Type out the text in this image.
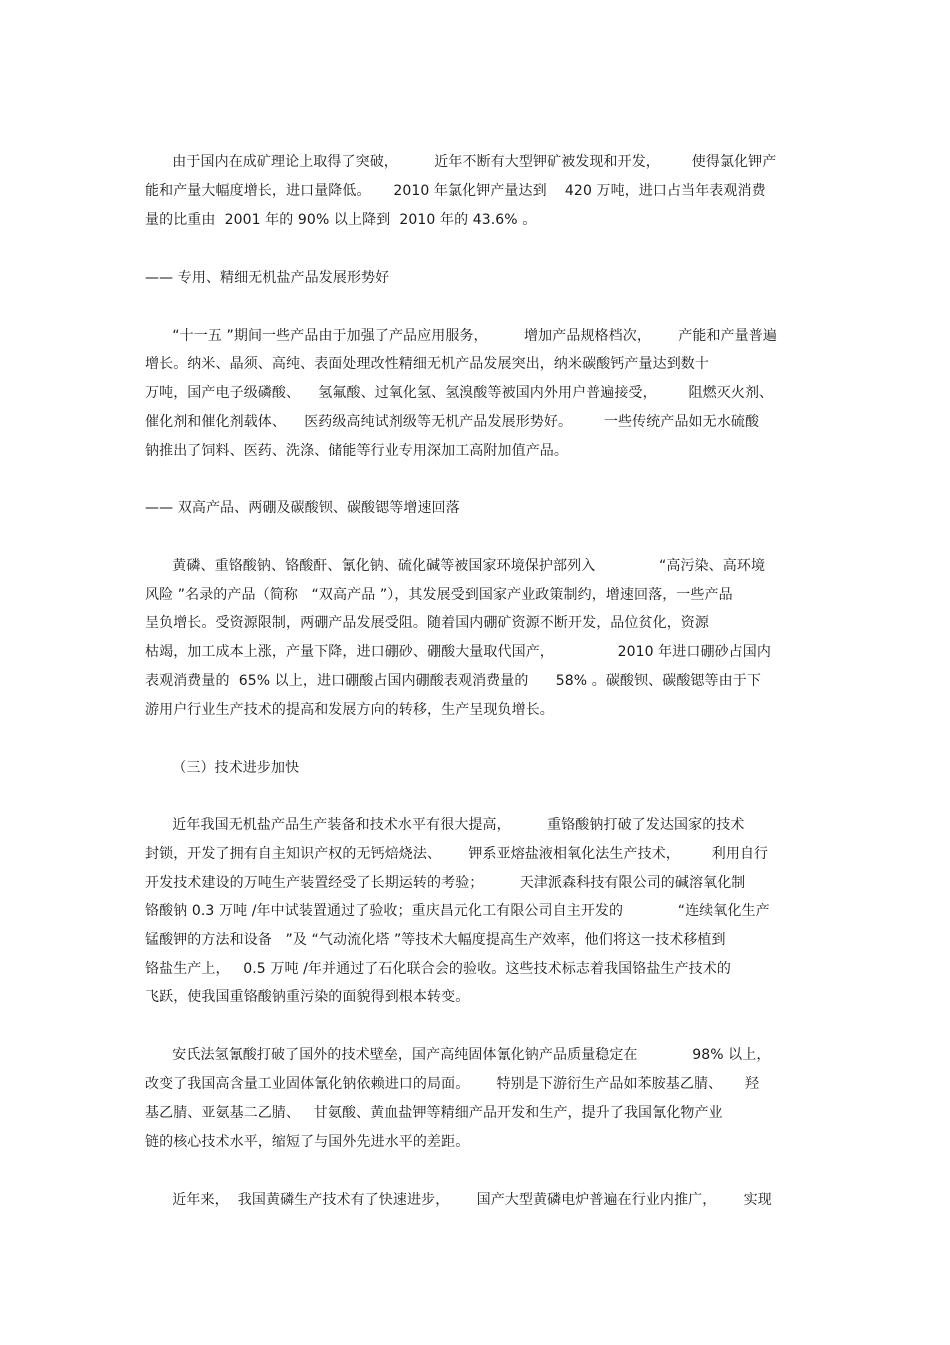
由于国内在成矿理论上取得了突破，        近年不断有大型钾矿被发现和开发，       使得氯化钾产
能和产量大幅度增长，进口量降低。     2010 年氯化钾产量达到    420 万吨，进口占当年表观消费
量的比重由  2001 年的 90% 以上降到  2010 年的 43.6% 。
—— 专用、精细无机盐产品发展形势好
“十一五 ”期间一些产品由于加强了产品应用服务，        增加产品规格档次，      产能和产量普遍
增长。纳米、晶须、高纯、表面处理改性精细无机产品发展突出，纳米碳酸钙产量达到数十
万吨，国产电子级磷酸、    氢氟酸、过氧化氢、氢溴酸等被国内外用户普遍接受，       阻燃灭火剂、
催化剂和催化剂载体、    医药级高纯试剂级等无机产品发展形势好。       一些传统产品如无水硫酸
钠推出了饲料、医药、洗涤、储能等行业专用深加工高附加值产品。
—— 双高产品、两硼及碳酸钡、碳酸锶等增速回落
黄磷、重铬酸钠、铬酸酐、氰化钠、硫化碱等被国家环境保护部列入              “高污染、高环境
风险 ”名录的产品（简称   “双高产品 ”），其发展受到国家产业政策制约，增速回落，一些产品
呈负增长。受资源限制，两硼产品发展受阻。随着国内硼矿资源不断开发，品位贫化，资源
枯竭，加工成本上涨，产量下降，进口硼砂、硼酸大量取代国产，              2010 年进口硼砂占国内
表观消费量的  65% 以上，进口硼酸占国内硼酸表观消费量的      58% 。碳酸钡、碳酸锶等由于下
游用户行业生产技术的提高和发展方向的转移，生产呈现负增长。
（三）技术进步加快
近年我国无机盐产品生产装备和技术水平有很大提高，        重铬酸钠打破了发达国家的技术
封锁，开发了拥有自主知识产权的无钙焙烧法、      钾系亚熔盐液相氧化法生产技术，       利用自行
开发技术建设的万吨生产装置经受了长期运转的考验；        天津派森科技有限公司的碱溶氧化制
铬酸钠 0.3 万吨 /年中试装置通过了验收；重庆昌元化工有限公司自主开发的            “连续氧化生产
锰酸钾的方法和设备   ”及 “气动流化塔 ”等技术大幅度提高生产效率，他们将这一技术移植到
铬盐生产上，   0.5 万吨 /年并通过了石化联合会的验收。这些技术标志着我国铬盐生产技术的
飞跃，使我国重铬酸钠重污染的面貌得到根本转变。
安氏法氢氰酸打破了国外的技术壁垒，国产高纯固体氰化钠产品质量稳定在            98% 以上，
改变了我国高含量工业固体氰化钠依赖进口的局面。      特别是下游衍生产品如苯胺基乙腈、     羟
基乙腈、亚氨基二乙腈、   甘氨酸、黄血盐钾等精细产品开发和生产，提升了我国氰化物产业
链的核心技术水平，缩短了与国外先进水平的差距。
近年来，  我国黄磷生产技术有了快速进步，      国产大型黄磷电炉普遍在行业内推广，      实现
